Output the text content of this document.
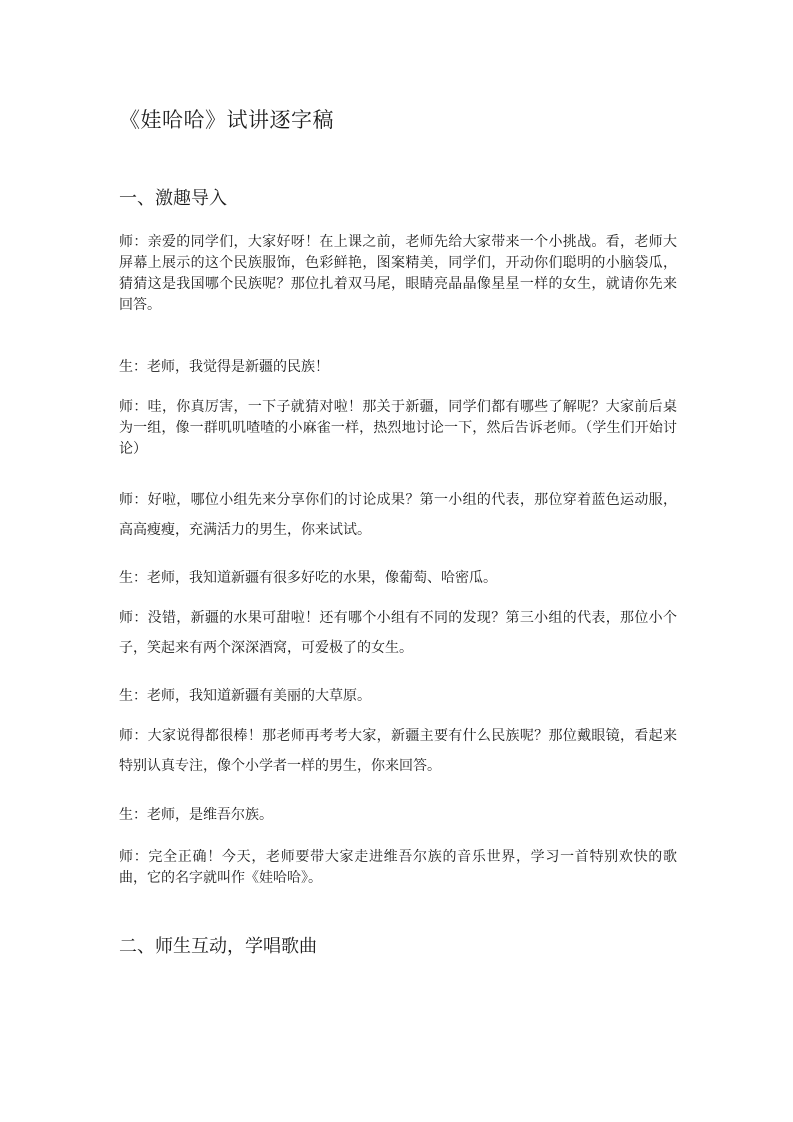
《娃哈哈》试讲逐字稿
一、激趣导入

师：亲爱的同学们，大家好呀！在上课之前，老师先给大家带来一个小挑战。看，老师大屏幕上展示的这个民族服饰，色彩鲜艳，图案精美，同学们，开动你们聪明的小脑袋瓜，猜猜这是我国哪个民族呢？那位扎着双马尾，眼睛亮晶晶像星星一样的女生，就请你先来回答。

生：老师，我觉得是新疆的民族！

师：哇，你真厉害，一下子就猜对啦！那关于新疆，同学们都有哪些了解呢？大家前后桌为一组，像一群叽叽喳喳的小麻雀一样，热烈地讨论一下，然后告诉老师。（学生们开始讨论）

师：好啦，哪位小组先来分享你们的讨论成果？第一小组的代表，那位穿着蓝色运动服，高高瘦瘦，充满活力的男生，你来试试。

生：老师，我知道新疆有很多好吃的水果，像葡萄、哈密瓜。

师：没错，新疆的水果可甜啦！还有哪个小组有不同的发现？第三小组的代表，那位小个子，笑起来有两个深深酒窝，可爱极了的女生。

生：老师，我知道新疆有美丽的大草原。

师：大家说得都很棒！那老师再考考大家，新疆主要有什么民族呢？那位戴眼镜，看起来特别认真专注，像个小学者一样的男生，你来回答。

生：老师，是维吾尔族。

师：完全正确！今天，老师要带大家走进维吾尔族的音乐世界，学习一首特别欢快的歌曲，它的名字就叫作《娃哈哈》。

二、师生互动，学唱歌曲
